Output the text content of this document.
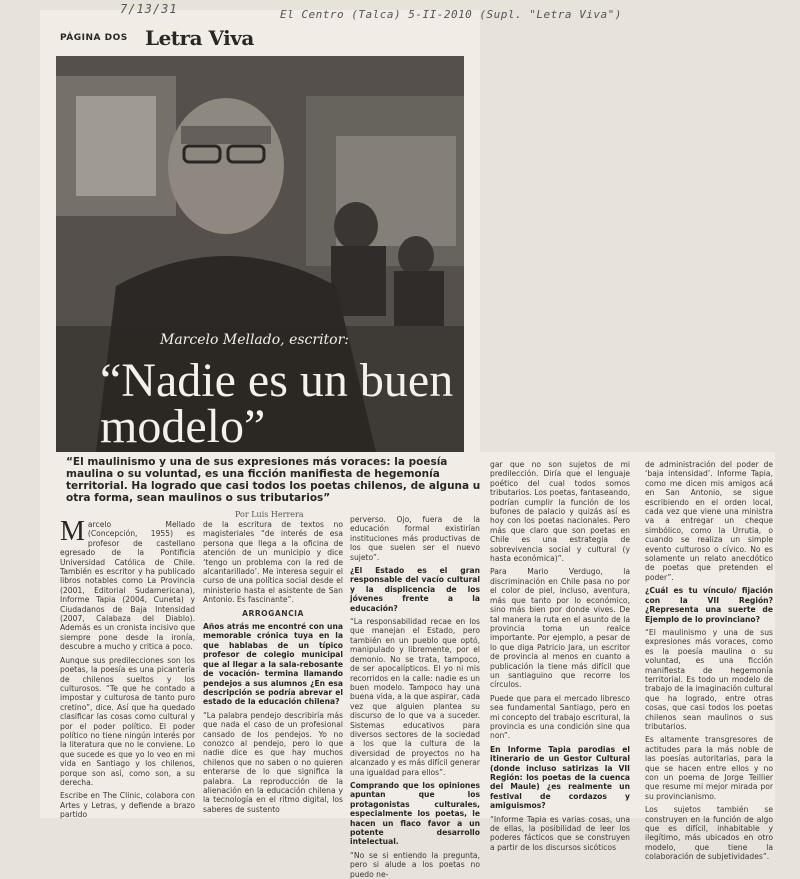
7/13/31	El Centro (Talca) 5-II-2010 (Supl. "Letra Viva")
PÁGINA DOS Letra Viva
Marcelo Mellado, escritor:
“Nadie es un buen modelo”
“El maulinismo y una de sus expresiones más voraces: la poesía maulina o su voluntad, es una ficción manifiesta de hegemonía territorial. Ha logrado que casi todos los poetas chilenos, de alguna u otra forma, sean maulinos o sus tributarios”
Por Luis Herrera

Marcelo Mellado (Concepción, 1955) es profesor de castellano egresado de la Pontificia Universidad Católica de Chile. También es escritor y ha publicado libros notables como La Provincia (2001, Editorial Sudamericana), Informe Tapia (2004, Cuneta) y Ciudadanos de Baja Intensidad (2007, Calabaza del Diablo). Además es un cronista incisivo que siempre pone desde la ironía, descubre a mucho y critica a poco.

Aunque sus predilecciones son los poetas, la poesía es una picantería de chilenos sueltos y los culturosos. “Te que he contado a impostar y culturosa de tanto puro cretino”, dice. Así que ha quedado clasificar las cosas como cultural y por el poder político. El poder político no tiene ningún interés por la literatura que no le conviene. Lo que sucede es que yo lo veo en mi vida en Santiago y los chilenos, porque son así, como son, a su derecha.

Escribe en The Clinic, colabora con Artes y Letras, y defiende a brazo partido

de la escritura de textos no magisteriales “de interés de esa persona que llega a la oficina de atención de un municipio y dice ‘tengo un problema con la red de alcantarillado’. Me interesa seguir el curso de una política social desde el ministerio hasta el asistente de San Antonio. Es fascinante”.

ARROGANCIA

Años atrás me encontré con una memorable crónica tuya en la que hablabas de un típico profesor de colegio municipal que al llegar a la sala-rebosante de vocación- termina llamando pendejos a sus alumnos ¿En esa descripción se podría abrevar el estado de la educación chilena?

“La palabra pendejo describiría más que nada el caso de un profesional cansado de los pendejos. Yo no conozco al pendejo, pero lo que nadie dice es que hay muchos chilenos que no saben o no quieren enterarse de lo que significa la palabra. La reproducción de la alienación en la educación chilena y la tecnología en el ritmo digital, los saberes de sustento

perverso. Ojo, fuera de la educación formal existirían instituciones más productivas de los que suelen ser el nuevo sujeto”.

¿El Estado es el gran responsable del vacío cultural y la displicencia de los jóvenes frente a la educación?

“La responsabilidad recae en los que manejan el Estado, pero también en un pueblo que optó, manipulado y libremente, por el demonio. No se trata, tampoco, de ser apocalípticos. El yo ni mis recorridos en la calle: nadie es un buen modelo. Tampoco hay una buena vida, a la que aspirar, cada vez que alguien plantea su discurso de lo que va a suceder. Sistemas educativos para diversos sectores de la sociedad a los que la cultura de la diversidad de proyectos no ha alcanzado y es más difícil generar una igualdad para ellos”.

Comprando que los opiniones apuntan que los protagonistas culturales, especialmente los poetas, le hacen un flaco favor a un potente desarrollo intelectual.

“No se si entiendo la pregunta, pero si alude a los poetas no puedo ne-

gar que no son sujetos de mi predilección. Diría que el lenguaje poético del cual todos somos tributarios. Los poetas, fantaseando, podrían cumplir la función de los bufones de palacio y quizás así es hoy con los poetas nacionales. Pero más que claro que son poetas en Chile es una estrategia de sobrevivencia social y cultural (y hasta económica)”.

Para Mario Verdugo, la discriminación en Chile pasa no por el color de piel, incluso, aventura, más que tanto por lo económico, sino más bien por donde vives. De tal manera la ruta en el asunto de la provincia toma un realce importante. Por ejemplo, a pesar de lo que diga Patricio Jara, un escritor de provincia al menos en cuanto a publicación la tiene más difícil que un santiaguino que recorre los círculos.

Puede que para el mercado libresco sea fundamental Santiago, pero en mi concepto del trabajo escritural, la provincia es una condición sine qua non”.

En Informe Tapia parodias el itinerario de un Gestor Cultural (donde incluso satirizas la VII Región: los poetas de la cuenca del Maule) ¿es realmente un festival de cordazos y amiguismos?

“Informe Tapia es varias cosas, una de ellas, la posibilidad de leer los poderes fácticos que se construyen a partir de los discursos sicóticos

de administración del poder de ‘baja intensidad’. Informe Tapia, como me dicen mis amigos acá en San Antonio, se sigue escribiendo en el orden local, cada vez que viene una ministra va a entregar un cheque simbólico, como la Urrutia, o cuando se realiza un simple evento culturoso o cívico. No es solamente un relato anecdótico de poetas que pretenden el poder”.

¿Cuál es tu vínculo/ fijación con la VII Región? ¿Representa una suerte de Ejemplo de lo provinciano?

“El maulinismo y una de sus expresiones más voraces, como es la poesía maulina o su voluntad, es una ficción manifiesta de hegemonía territorial. Es todo un modelo de trabajo de la imaginación cultural que ha logrado, entre otras cosas, que casi todos los poetas chilenos sean maulinos o sus tributarios.

Es altamente transgresores de actitudes para la más noble de las poesías autoritarias, para la que se hacen entre ellos y no con un poema de Jorge Teillier que resume mi mejor mirada por su provincianismo.

Los sujetos también se construyen en la función de algo que es difícil, inhabitable y ilegítimo, más ubicados en otro modelo, que tiene la colaboración de subjetividades”.
